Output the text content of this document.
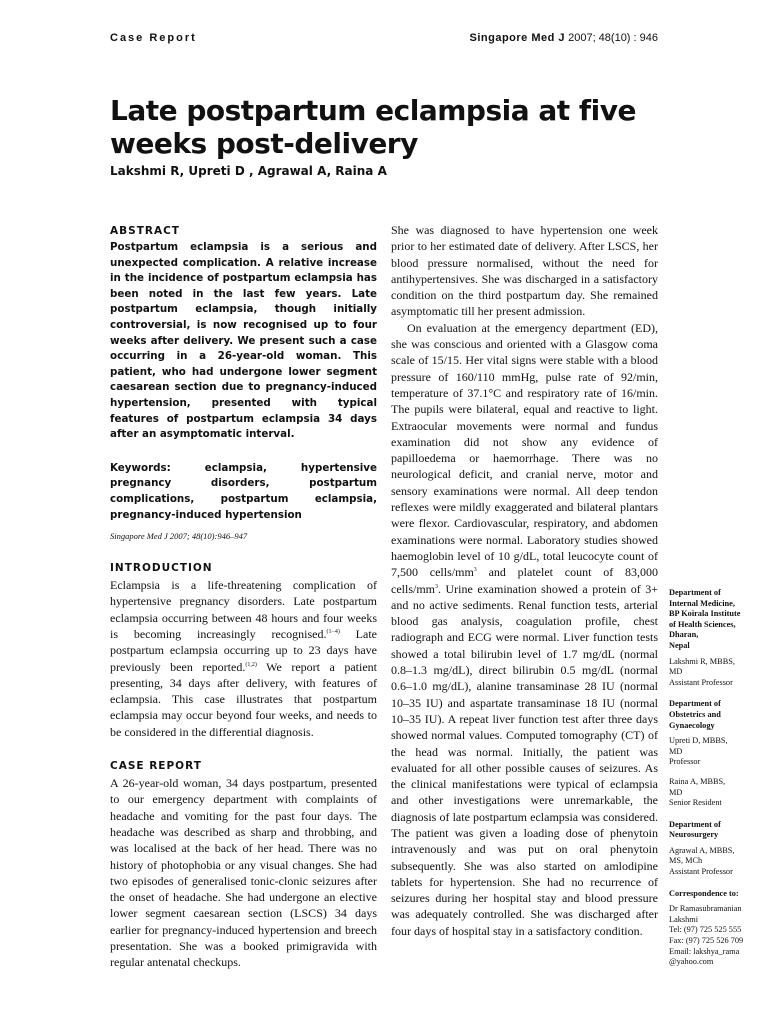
Case Report	Singapore Med J 2007; 48(10) : 946
Late postpartum eclampsia at five weeks post-delivery
Lakshmi R, Upreti D , Agrawal A, Raina A
ABSTRACT

Postpartum eclampsia is a serious and unexpected complication. A relative increase in the incidence of postpartum eclampsia has been noted in the last few years. Late postpartum eclampsia, though initially controversial, is now recognised up to four weeks after delivery. We present such a case occurring in a 26-year-old woman. This patient, who had undergone lower segment caesarean section due to pregnancy-induced hypertension, presented with typical features of postpartum eclampsia 34 days after an asymptomatic interval.

Keywords: eclampsia, hypertensive pregnancy disorders, postpartum complications, postpartum eclampsia, pregnancy-induced hypertension

Singapore Med J 2007; 48(10):946–947

INTRODUCTION

Eclampsia is a life-threatening complication of hypertensive pregnancy disorders. Late postpartum eclampsia occurring between 48 hours and four weeks is becoming increasingly recognised.$^{(1-4)}$ Late postpartum eclampsia occurring up to 23 days have previously been reported.$^{(1,2)}$ We report a patient presenting, 34 days after delivery, with features of eclampsia. This case illustrates that postpartum eclampsia may occur beyond four weeks, and needs to be considered in the differential diagnosis.

CASE REPORT

A 26-year-old woman, 34 days postpartum, presented to our emergency department with complaints of headache and vomiting for the past four days. The headache was described as sharp and throbbing, and was localised at the back of her head. There was no history of photophobia or any visual changes. She had two episodes of generalised tonic-clonic seizures after the onset of headache. She had undergone an elective lower segment caesarean section (LSCS) 34 days earlier for pregnancy-induced hypertension and breech presentation. She was a booked primigravida with regular antenatal checkups.

She was diagnosed to have hypertension one week prior to her estimated date of delivery. After LSCS, her blood pressure normalised, without the need for antihypertensives. She was discharged in a satisfactory condition on the third postpartum day. She remained asymptomatic till her present admission.

On evaluation at the emergency department (ED), she was conscious and oriented with a Glasgow coma scale of 15/15. Her vital signs were stable with a blood pressure of 160/110 mmHg, pulse rate of 92/min, temperature of 37.1°C and respiratory rate of 16/min. The pupils were bilateral, equal and reactive to light. Extraocular movements were normal and fundus examination did not show any evidence of papilloedema or haemorrhage. There was no neurological deficit, and cranial nerve, motor and sensory examinations were normal. All deep tendon reflexes were mildly exaggerated and bilateral plantars were flexor. Cardiovascular, respiratory, and abdomen examinations were normal. Laboratory studies showed haemoglobin level of 10 g/dL, total leucocyte count of 7,500 cells/$mm^3$ and platelet count of 83,000 cells/$mm^3$. Urine examination showed a protein of 3+ and no active sediments. Renal function tests, arterial blood gas analysis, coagulation profile, chest radiograph and ECG were normal. Liver function tests showed a total bilirubin level of 1.7 mg/dL (normal 0.8–1.3 mg/dL), direct bilirubin 0.5 mg/dL (normal 0.6–1.0 mg/dL), alanine transaminase 28 IU (normal 10–35 IU) and aspartate transaminase 18 IU (normal 10–35 IU). A repeat liver function test after three days showed normal values. Computed tomography (CT) of the head was normal. Initially, the patient was evaluated for all other possible causes of seizures. As the clinical manifestations were typical of eclampsia and other investigations were unremarkable, the diagnosis of late postpartum eclampsia was considered. The patient was given a loading dose of phenytoin intravenously and was put on oral phenytoin subsequently. She was also started on amlodipine tablets for hypertension. She had no recurrence of seizures during her hospital stay and blood pressure was adequately controlled. She was discharged after four days of hospital stay in a satisfactory condition.

Department of
Internal Medicine,
BP Koirala Institute
of Health Sciences,
Dharan,
Nepal
Lakshmi R, MBBS,
MD
Assistant Professor
Department of
Obstetrics and
Gynaecology
Upreti D, MBBS,
MD
Professor
Raina A, MBBS,
MD
Senior Resident
Department of
Neurosurgery
Agrawal A, MBBS,
MS, MCh
Assistant Professor
Correspondence to:
Dr Ramasubramanian
Lakshmi
Tel: (97) 725 525 555
Fax: (97) 725 526 709
Email: lakshya_rama
@yahoo.com
